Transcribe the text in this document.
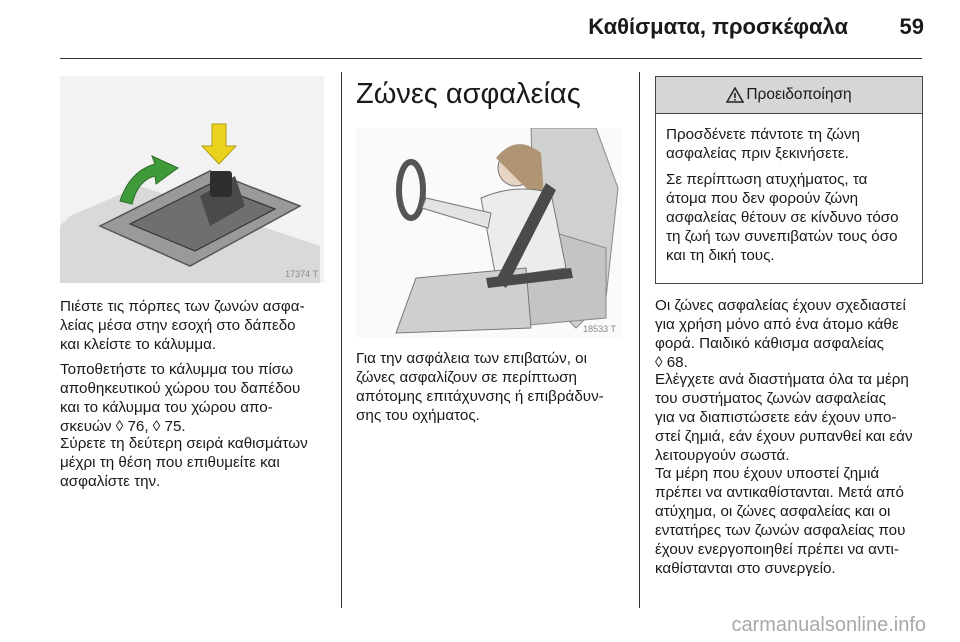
Καθίσματα, προσκέφαλα 59
17374 T
Πιέστε τις πόρπες των ζωνών ασφα-
λείας μέσα στην εσοχή στο δάπεδο
και κλείστε το κάλυμμα.
Τοποθετήστε το κάλυμμα του πίσω
αποθηκευτικού χώρου του δαπέδου
και το κάλυμμα του χώρου απο-
σκευών ◊ 76, ◊ 75.
Σύρετε τη δεύτερη σειρά καθισμάτων
μέχρι τη θέση που επιθυμείτε και
ασφαλίστε την.
Ζώνες ασφαλείας
18533 T
Για την ασφάλεια των επιβατών, οι
ζώνες ασφαλίζουν σε περίπτωση
απότομης επιτάχυνσης ή επιβράδυν-
σης του οχήματος.
Προειδοποίηση
Προσδένετε πάντοτε τη ζώνη
ασφαλείας πριν ξεκινήσετε.
Σε περίπτωση ατυχήματος, τα
άτομα που δεν φορούν ζώνη
ασφαλείας θέτουν σε κίνδυνο τόσο
τη ζωή των συνεπιβατών τους όσο
και τη δική τους.
Οι ζώνες ασφαλείας έχουν σχεδιαστεί
για χρήση μόνο από ένα άτομο κάθε
φορά. Παιδικό κάθισμα ασφαλείας
◊ 68.
Ελέγχετε ανά διαστήματα όλα τα μέρη
του συστήματος ζωνών ασφαλείας
για να διαπιστώσετε εάν έχουν υπο-
στεί ζημιά, εάν έχουν ρυπανθεί και εάν
λειτουργούν σωστά.
Τα μέρη που έχουν υποστεί ζημιά
πρέπει να αντικαθίστανται. Μετά από
ατύχημα, οι ζώνες ασφαλείας και οι
εντατήρες των ζωνών ασφαλείας που
έχουν ενεργοποιηθεί πρέπει να αντι-
καθίστανται στο συνεργείο.
carmanualsonline.info
